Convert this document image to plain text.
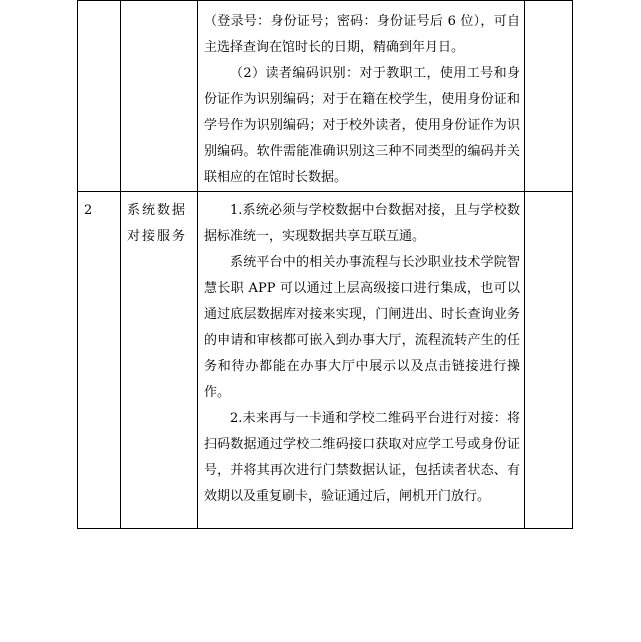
		（登录号：身份证号；密码：身份证号后 6 位），可自主选择查询在馆时长的日期，精确到年月日。

（2）读者编码识别：对于教职工，使用工号和身份证作为识别编码；对于在籍在校学生，使用身份证和学号作为识别编码；对于校外读者，使用身份证作为识别编码。软件需能准确识别这三种不同类型的编码并关联相应的在馆时长数据。	

2	系统数据对接服务	1.系统必须与学校数据中台数据对接，且与学校数据标准统一，实现数据共享互联互通。

系统平台中的相关办事流程与长沙职业技术学院智慧长职 APP 可以通过上层高级接口进行集成，也可以通过底层数据库对接来实现，门闸进出、时长查询业务的申请和审核都可嵌入到办事大厅，流程流转产生的任务和待办都能在办事大厅中展示以及点击链接进行操作。

2.未来再与一卡通和学校二维码平台进行对接：将扫码数据通过学校二维码接口获取对应学工号或身份证号，并将其再次进行门禁数据认证，包括读者状态、有效期以及重复刷卡，验证通过后，闸机开门放行。	
